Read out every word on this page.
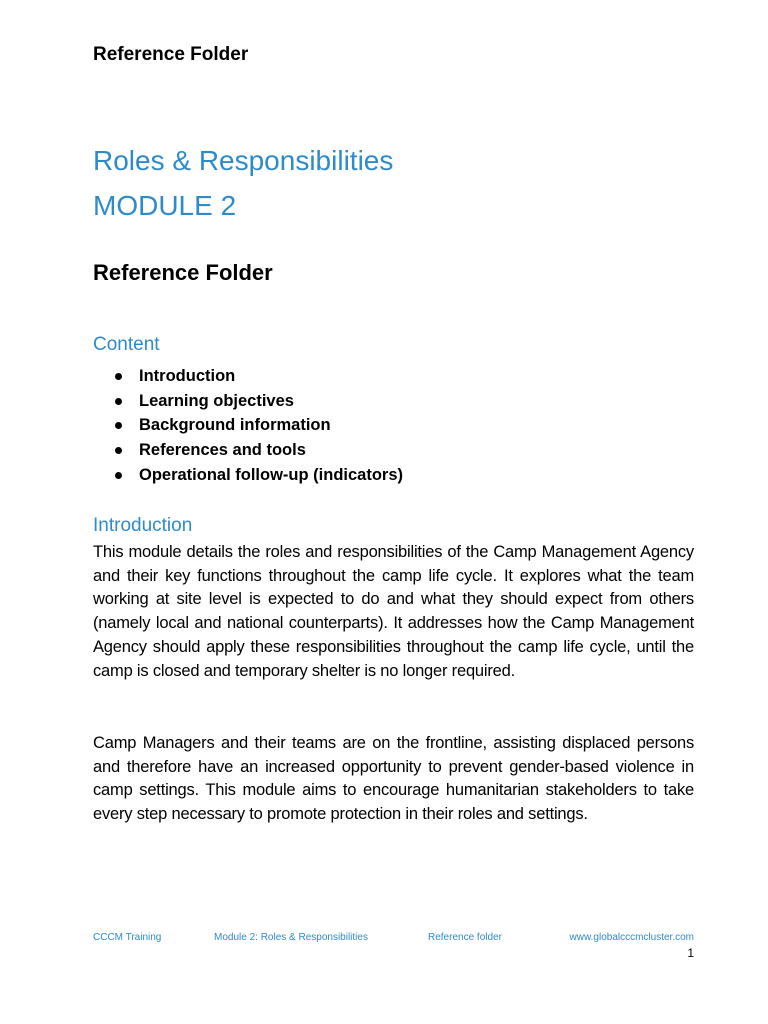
Reference Folder

Roles & Responsibilities
MODULE 2
Reference Folder
Content
Introduction
Learning objectives
Background information
References and tools
Operational follow-up (indicators)
Introduction

This module details the roles and responsibilities of the Camp Management Agency and their key functions throughout the camp life cycle. It explores what the team working at site level is expected to do and what they should expect from others (namely local and national counterparts). It addresses how the Camp Management Agency should apply these responsibilities throughout the camp life cycle, until the camp is closed and temporary shelter is no longer required.

Camp Managers and their teams are on the frontline, assisting displaced persons and therefore have an increased opportunity to prevent gender-based violence in camp settings. This module aims to encourage humanitarian stakeholders to take every step necessary to promote protection in their roles and settings.

CCCM Training	Module 2: Roles & Responsibilities	Reference folder	www.globalcccmcluster.com
1
